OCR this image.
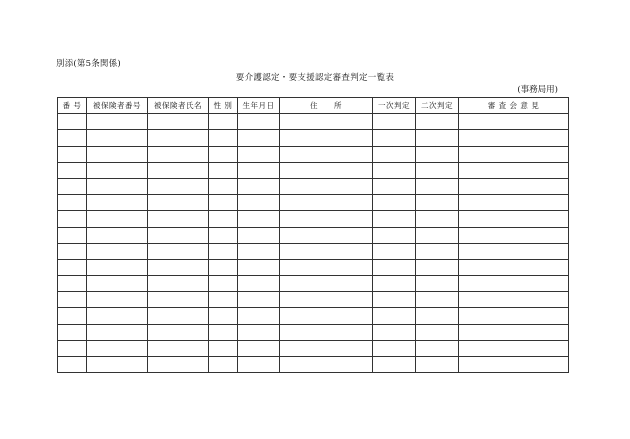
別添(第5条関係)
要介護認定・要支援認定審査判定一覧表
(事務局用)
番 号	被保険者番号	被保険者氏名	性 別	生年月日	住　　所	一次判定	二次判定	審 査 会 意 見
